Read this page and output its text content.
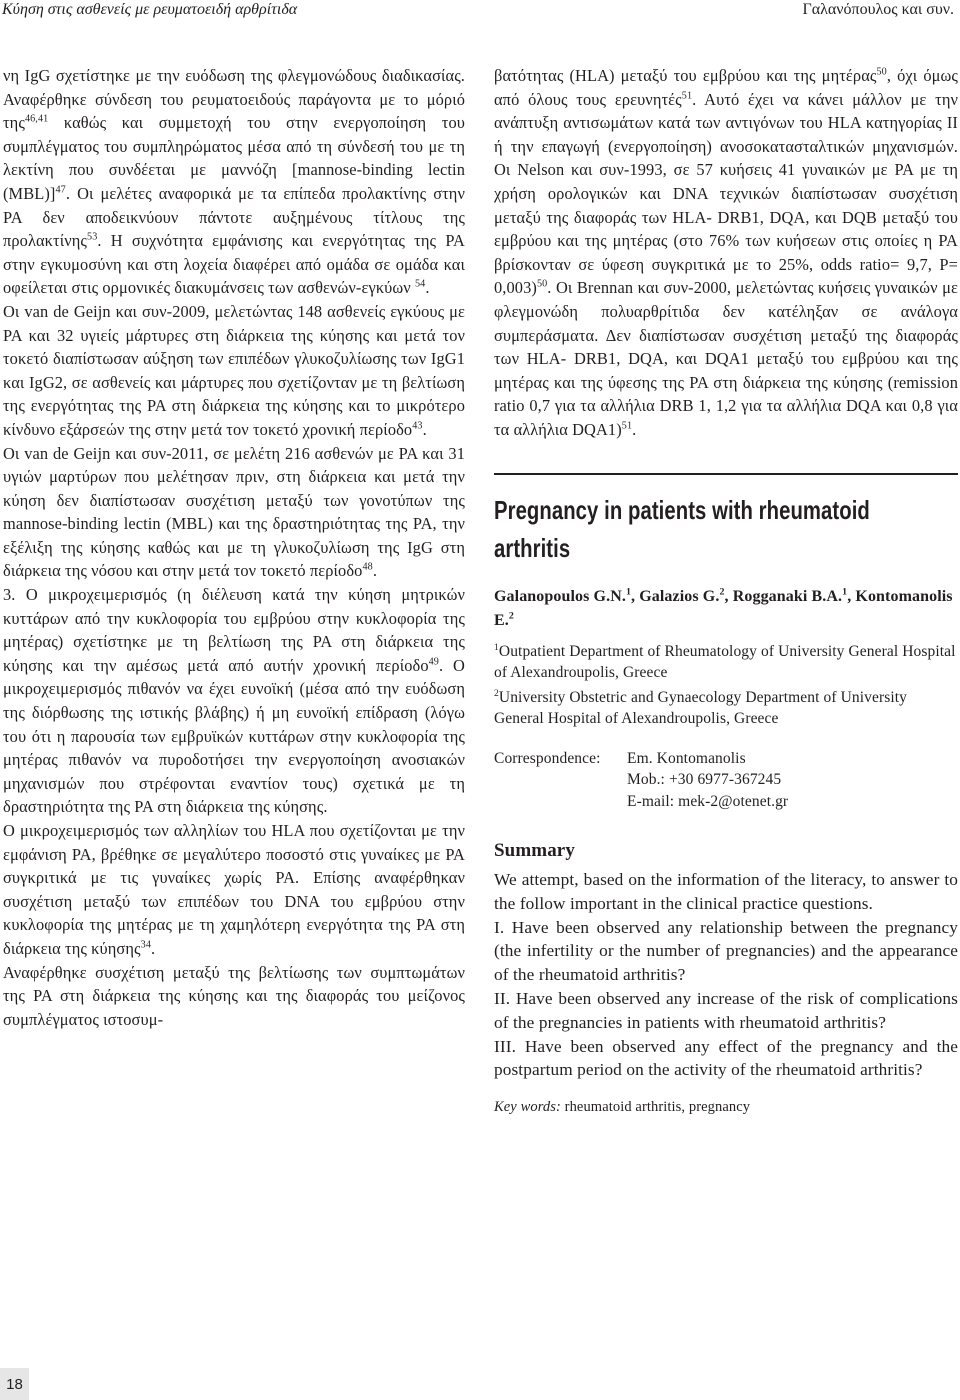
Κύηση στις ασθενείς με ρευματοειδή αρθρίτιδα	Γαλανόπουλος και συν.

νη IgG σχετίστηκε με την ευόδωση της φλεγμονώδους διαδικασίας. Αναφέρθηκε σύνδεση του ρευματοειδούς παράγοντα με το μόριό της$^{46,41}$ καθώς και συμμετοχή του στην ενεργοποίηση του συμπλέγματος του συμπληρώματος μέσα από τη σύνδεσή του με τη λεκτίνη που συνδέεται με μαννόζη [mannose-binding lectin (MBL)]$^{47}$. Οι μελέτες αναφορικά με τα επίπεδα προλακτίνης στην ΡΑ δεν αποδεικνύουν πάντοτε αυξημένους τίτλους της προλακτίνης$^{53}$. Η συχνότητα εμφάνισης και ενεργότητας της ΡΑ στην εγκυμοσύνη και στη λοχεία διαφέρει από ομάδα σε ομάδα και οφείλεται στις ορμονικές διακυμάνσεις των ασθενών-εγκύων $^{54}$.

Οι van de Geijn και συν-2009, μελετώντας 148 ασθενείς εγκύους με ΡΑ και 32 υγιείς μάρτυρες στη διάρκεια της κύησης και μετά τον τοκετό διαπίστωσαν αύξηση των επιπέδων γλυκοζυλίωσης των IgG1 και IgG2, σε ασθενείς και μάρτυρες που σχετίζονταν με τη βελτίωση της ενεργότητας της ΡΑ στη διάρκεια της κύησης και το μικρότερο κίνδυνο εξάρσεών της στην μετά τον τοκετό χρονική περίοδο$^{43}$.

Οι van de Geijn και συν-2011, σε μελέτη 216 ασθενών με ΡΑ και 31 υγιών μαρτύρων που μελέτησαν πριν, στη διάρκεια και μετά την κύηση δεν διαπίστωσαν συσχέτιση μεταξύ των γονοτύπων της mannose-binding lectin (MBL) και της δραστηριότητας της ΡΑ, την εξέλιξη της κύησης καθώς και με τη γλυκοζυλίωση της IgG στη διάρκεια της νόσου και στην μετά τον τοκετό περίοδο$^{48}$.

3. Ο μικροχειμερισμός (η διέλευση κατά την κύηση μητρικών κυττάρων από την κυκλοφορία του εμβρύου στην κυκλοφορία της μητέρας) σχετίστηκε με τη βελτίωση της ΡΑ στη διάρκεια της κύησης και την αμέσως μετά από αυτήν χρονική περίοδο$^{49}$. Ο μικροχειμερισμός πιθανόν να έχει ευνοϊκή (μέσα από την ευόδωση της διόρθωσης της ιστικής βλάβης) ή μη ευνοϊκή επίδραση (λόγω του ότι η παρουσία των εμβρυϊκών κυττάρων στην κυκλοφορία της μητέρας πιθανόν να πυροδοτήσει την ενεργοποίηση ανοσιακών μηχανισμών που στρέφονται εναντίον τους) σχετικά με τη δραστηριότητα της ΡΑ στη διάρκεια της κύησης.

Ο μικροχειμερισμός των αλληλίων του HLA που σχετίζονται με την εμφάνιση ΡΑ, βρέθηκε σε μεγαλύτερο ποσοστό στις γυναίκες με ΡΑ συγκριτικά με τις γυναίκες χωρίς ΡΑ. Επίσης αναφέρθηκαν συσχέτιση μεταξύ των επιπέδων του DNA του εμβρύου στην κυκλοφορία της μητέρας με τη χαμηλότερη ενεργότητα της ΡΑ στη διάρκεια της κύησης$^{34}$.

Αναφέρθηκε συσχέτιση μεταξύ της βελτίωσης των συμπτωμάτων της ΡΑ στη διάρκεια της κύησης και της διαφοράς του μείζονος συμπλέγματος ιστοσυμ-

βατότητας (HLA) μεταξύ του εμβρύου και της μητέρας$^{50}$, όχι όμως από όλους τους ερευνητές$^{51}$. Αυτό έχει να κάνει μάλλον με την ανάπτυξη αντισωμάτων κατά των αντιγόνων του HLA κατηγορίας II ή την επαγωγή (ενεργοποίηση) ανοσοκατασταλτικών μηχανισμών. Οι Nelson και συν-1993, σε 57 κυήσεις 41 γυναικών με ΡΑ με τη χρήση ορολογικών και DNA τεχνικών διαπίστωσαν συσχέτιση μεταξύ της διαφοράς των HLA- DRB1, DQA, και DQB μεταξύ του εμβρύου και της μητέρας (στο 76% των κυήσεων στις οποίες η ΡΑ βρίσκονταν σε ύφεση συγκριτικά με το 25%, odds ratio= 9,7, P= 0,003)$^{50}$. Οι Brennan και συν-2000, μελετώντας κυήσεις γυναικών με φλεγμονώδη πολυαρθρίτιδα δεν κατέληξαν σε ανάλογα συμπεράσματα. Δεν διαπίστωσαν συσχέτιση μεταξύ της διαφοράς των HLA- DRB1, DQA, και DQA1 μεταξύ του εμβρύου και της μητέρας και της ύφεσης της ΡΑ στη διάρκεια της κύησης (remission ratio 0,7 για τα αλλήλια DRB 1, 1,2 για τα αλλήλια DQA και 0,8 για τα αλλήλια DQA1)$^{51}$.

Pregnancy in patients with rheumatoid arthritis
Galanopoulos G.N.$^1$, Galazios G.$^2$, Rogganaki B.A.$^1$, Kontomanolis E.$^2$

$^1$Outpatient Department of Rheumatology of University General Hospital of Alexandroupolis, Greece

$^2$University Obstetric and Gynaecology Department of University General Hospital of Alexandroupolis, Greece

Correspondence:	Em. Kontomanolis
Mob.: +30 6977-367245
E-mail: mek-2@otenet.gr
Summary

We attempt, based on the information of the literacy, to answer to the follow important in the clinical practice questions.

I. Have been observed any relationship between the pregnancy (the infertility or the number of pregnancies) and the appearance of the rheumatoid arthritis?

II. Have been observed any increase of the risk of complications of the pregnancies in patients with rheumatoid arthritis?

III. Have been observed any effect of the pregnancy and the postpartum period on the activity of the rheumatoid arthritis?

Key words: rheumatoid arthritis, pregnancy
18
